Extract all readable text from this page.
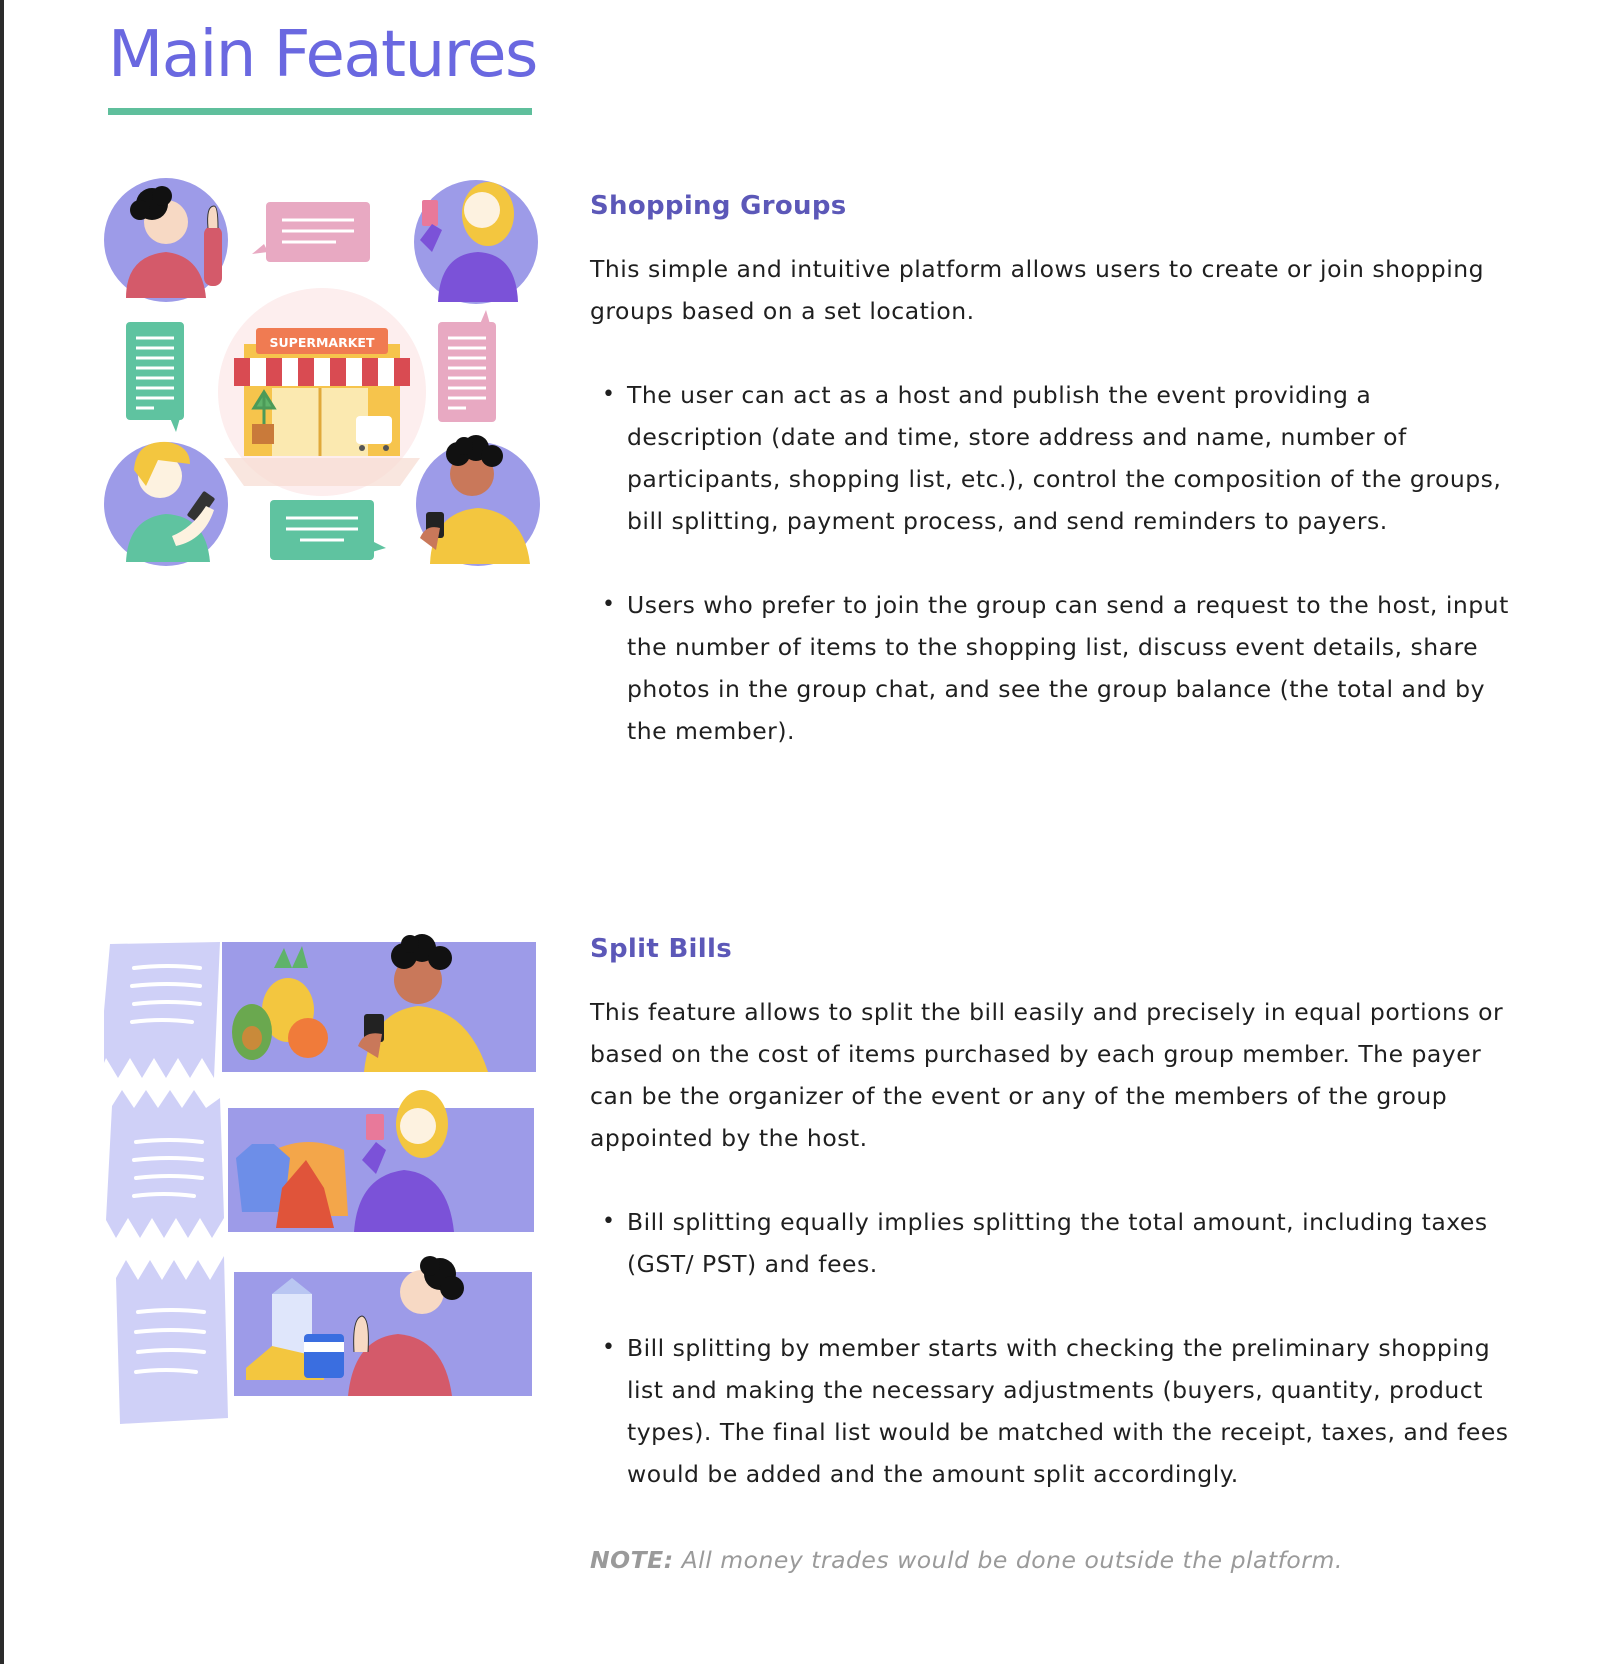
Main Features
SUPERMARKET
Shopping Groups

This simple and intuitive platform allows users to create or join shopping groups based on a set location.

• The user can act as a host and publish the event providing a description (date and time, store address and name, number of participants, shopping list, etc.), control the composition of the groups, bill splitting, payment process, and send reminders to payers.
• Users who prefer to join the group can send a request to the host, input the number of items to the shopping list, discuss event details, share photos in the group chat, and see the group balance (the total and by the member).
Split Bills

This feature allows to split the bill easily and precisely in equal portions or based on the cost of items purchased by each group member. The payer can be the organizer of the event or any of the members of the group appointed by the host.

• Bill splitting equally implies splitting the total amount, including taxes (GST/ PST) and fees.
• Bill splitting by member starts with checking the preliminary shopping list and making the necessary adjustments (buyers, quantity, product types). The final list would be matched with the receipt, taxes, and fees would be added and the amount split accordingly.

NOTE: All money trades would be done outside the platform.
